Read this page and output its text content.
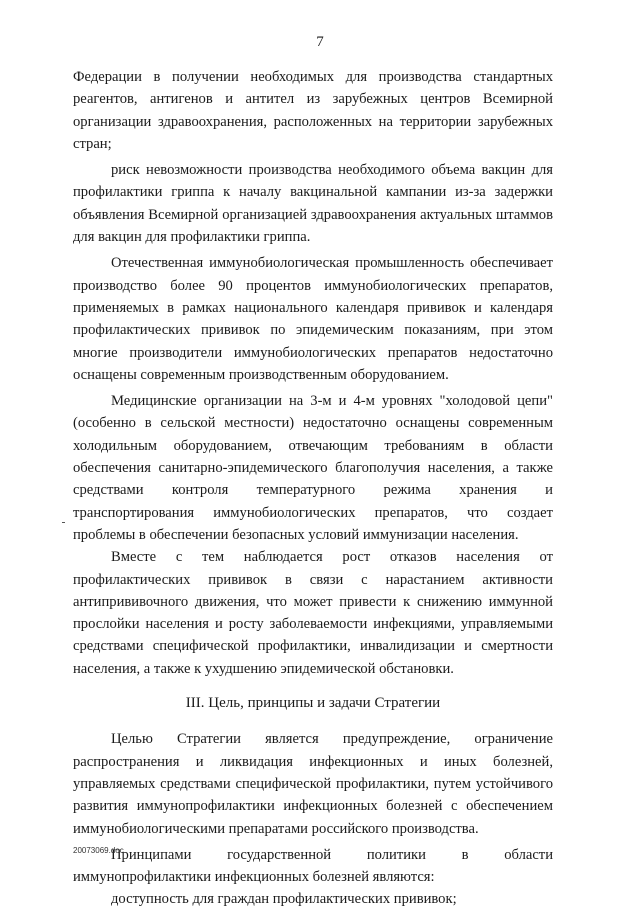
7

Федерации в получении необходимых для производства стандартных реагентов, антигенов и антител из зарубежных центров Всемирной организации здравоохранения, расположенных на территории зарубежных стран;

риск невозможности производства необходимого объема вакцин для профилактики гриппа к началу вакцинальной кампании из-за задержки объявления Всемирной организацией здравоохранения актуальных штаммов для вакцин для профилактики гриппа.

Отечественная иммунобиологическая промышленность обеспечивает производство более 90 процентов иммунобиологических препаратов, применяемых в рамках национального календаря прививок и календаря профилактических прививок по эпидемическим показаниям, при этом многие производители иммунобиологических препаратов недостаточно оснащены современным производственным оборудованием.

Медицинские организации на 3-м и 4-м уровнях "холодовой цепи" (особенно в сельской местности) недостаточно оснащены современным холодильным оборудованием, отвечающим требованиям в области обеспечения санитарно-эпидемического благополучия населения, а также средствами контроля температурного режима хранения и транспортирования иммунобиологических препаратов, что создает проблемы в обеспечении безопасных условий иммунизации населения.

Вместе с тем наблюдается рост отказов населения от профилактических прививок в связи с нарастанием активности антипрививочного движения, что может привести к снижению иммунной прослойки населения и росту заболеваемости инфекциями, управляемыми средствами специфической профилактики, инвалидизации и смертности населения, а также к ухудшению эпидемической обстановки.

III. Цель, принципы и задачи Стратегии

Целью Стратегии является предупреждение, ограничение распространения и ликвидация инфекционных и иных болезней, управляемых средствами специфической профилактики, путем устойчивого развития иммунопрофилактики инфекционных болезней с обеспечением иммунобиологическими препаратами российского производства.

Принципами государственной политики в области иммунопрофилактики инфекционных болезней являются:

доступность для граждан профилактических прививок;

20073069.doc
